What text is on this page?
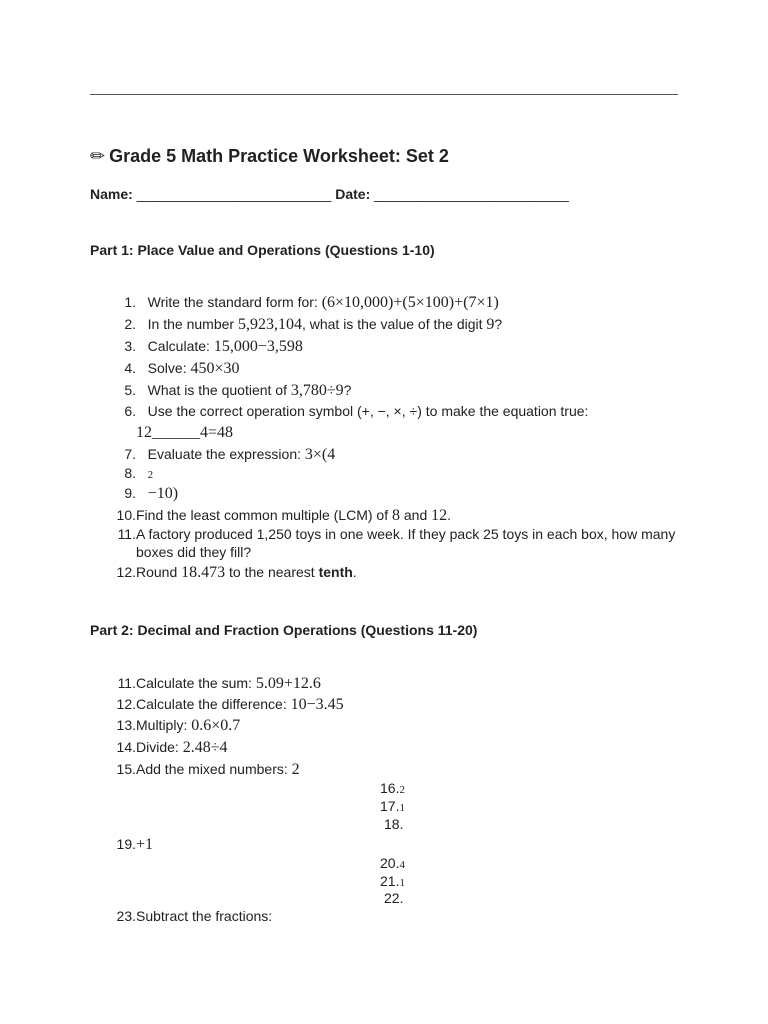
✏ Grade 5 Math Practice Worksheet: Set 2
Name: _________________________ Date: _________________________
Part 1: Place Value and Operations (Questions 1-10)
1. Write the standard form for: (6×10,000)+(5×100)+(7×1)
2. In the number 5,923,104, what is the value of the digit 9?
3. Calculate: 15,000−3,598
4. Solve: 450×30
5. What is the quotient of 3,780÷9?
6. Use the correct operation symbol (+, −, ×, ÷) to make the equation true:
12______4=48
7. Evaluate the expression: 3×(4
8. 2
9. −10)
10.Find the least common multiple (LCM) of 8 and 12.
11.A factory produced 1,250 toys in one week. If they pack 25 toys in each box, how many boxes did they fill?
12.Round 18.473 to the nearest tenth.
Part 2: Decimal and Fraction Operations (Questions 11-20)
11.Calculate the sum: 5.09+12.6
12.Calculate the difference: 10−3.45
13.Multiply: 0.6×0.7
14.Divide: 2.48÷4
15.Add the mixed numbers: 2
16.2
17.1
18.
19.+1
20.4
21.1
22.
23.Subtract the fractions:
